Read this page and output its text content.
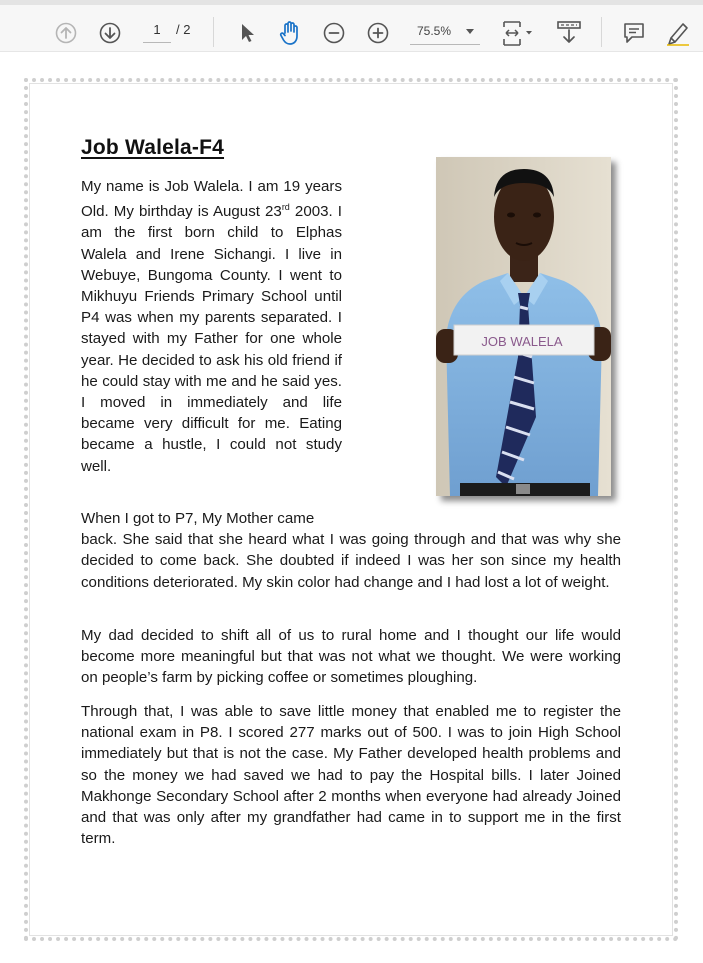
1	/ 2	75.5%
Job Walela-F4

My name is Job Walela. I am 19 years Old. My birthday is August 23rd 2003. I am the first born child to Elphas Walela and Irene Sichangi. I live in Webuye, Bungoma County. I went to Mikhuyu Friends Primary School until P4 was when my parents separated. I stayed with my Father for one whole year. He decided to ask his old friend if he could stay with me and he said yes. I moved in immediately and life became very difficult for me. Eating became a hustle, I could not study well.

When I got to P7, My Mother came
back. She said that she heard what I was going through and that was why she decided to come back. She doubted if indeed I was her son since my health conditions deteriorated. My skin color had change and I had lost a lot of weight.

My dad decided to shift all of us to rural home and I thought our life would become more meaningful but that was not what we thought. We were working on people’s farm by picking coffee or sometimes ploughing.

Through that, I was able to save little money that enabled me to register the national exam in P8. I scored 277 marks out of 500. I was to join High School immediately but that is not the case. My Father developed health problems and so the money we had saved we had to pay the Hospital bills. I later Joined Makhonge Secondary School after 2 months when everyone had already Joined and that was only after my grandfather had came in to support me in the first term.

JOB WALELA
